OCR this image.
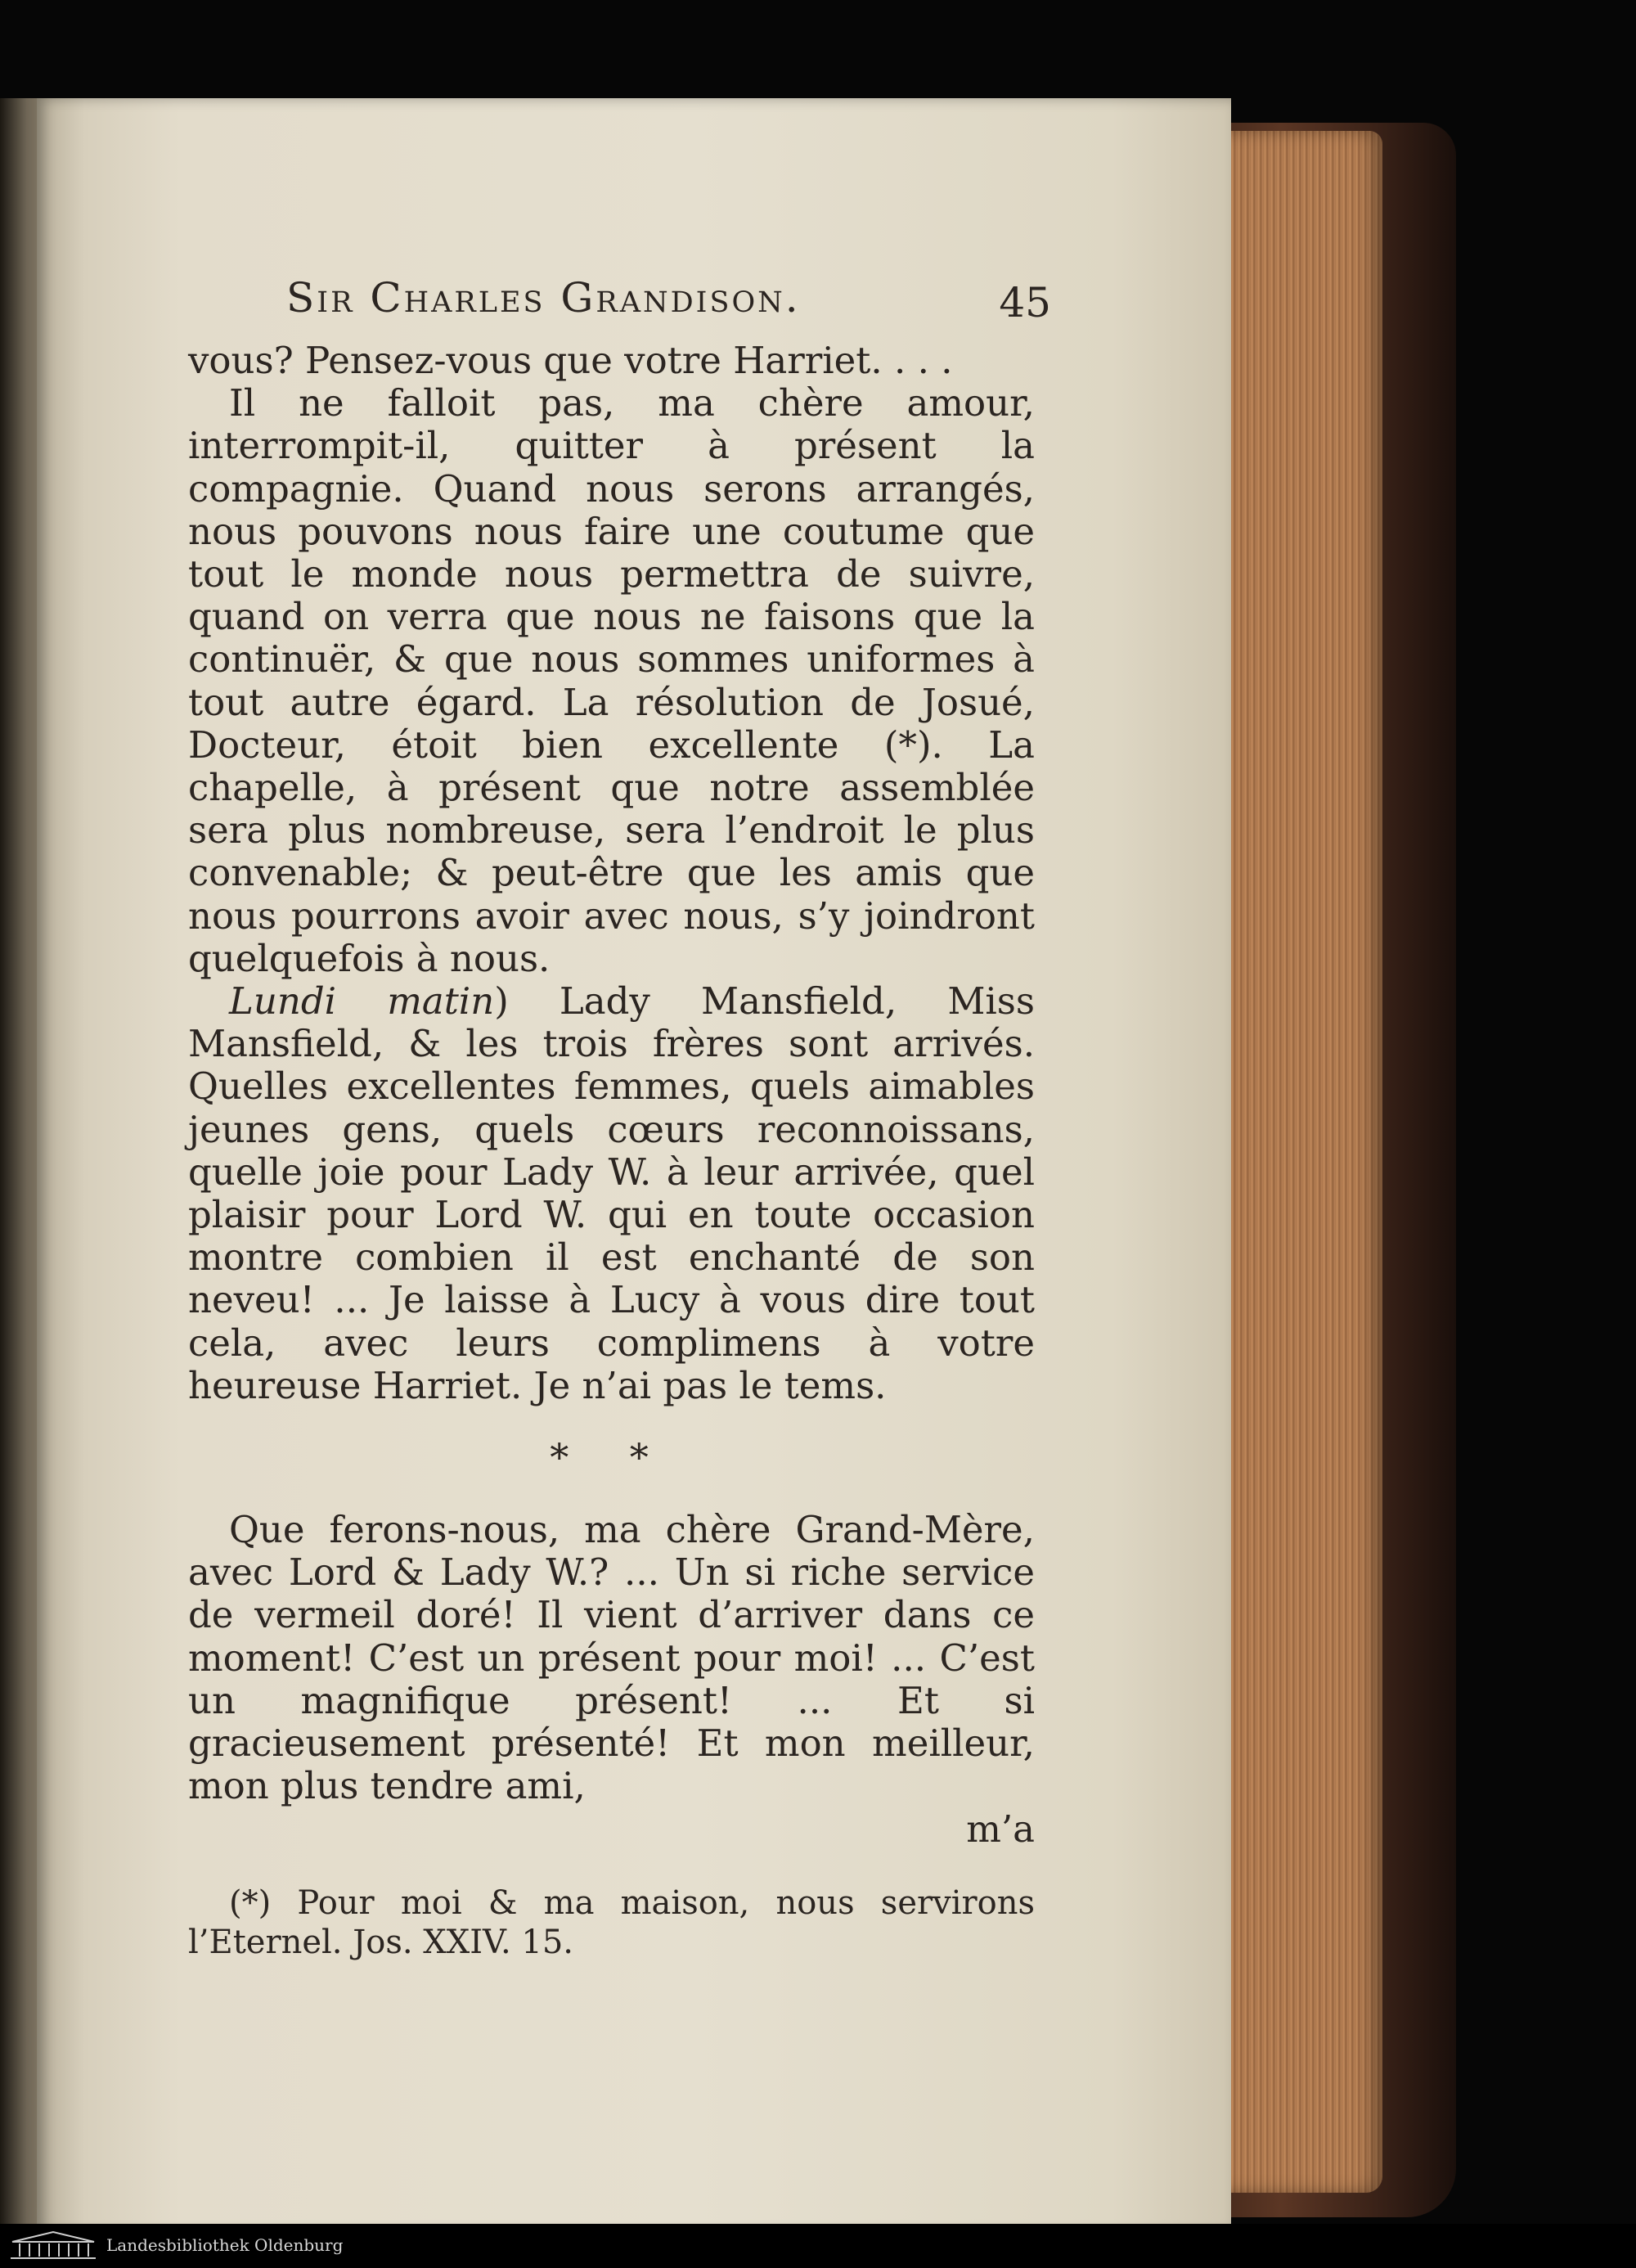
Sir Charles Grandison.	45

vous? Pensez-vous que votre Harriet. . . .

Il ne falloit pas, ma chère amour, interrompit-il, quitter à présent la compagnie. Quand nous serons arrangés, nous pouvons nous faire une coutume que tout le monde nous permettra de suivre, quand on verra que nous ne faisons que la continuër, & que nous sommes uniformes à tout autre égard. La résolution de Josué, Docteur, étoit bien excellente (*). La chapelle, à présent que notre assemblée sera plus nombreuse, sera l’endroit le plus convenable; & peut-être que les amis que nous pourrons avoir avec nous, s’y joindront quelquefois à nous.

Lundi matin) Lady Mansfield, Miss Mansfield, & les trois frères sont arrivés. Quelles excellentes femmes, quels aimables jeunes gens, quels cœurs reconnoissans, quelle joie pour Lady W. à leur arrivée, quel plaisir pour Lord W. qui en toute occasion montre combien il est enchanté de son neveu! ... Je laisse à Lucy à vous dire tout cela, avec leurs complimens à votre heureuse Harriet. Je n’ai pas le tems.

* *

Que ferons-nous, ma chère Grand-Mère, avec Lord & Lady W.? ... Un si riche service de vermeil doré! Il vient d’arriver dans ce moment! C’est un présent pour moi! ... C’est un magnifique présent! ... Et si gracieusement présenté! Et mon meilleur, mon plus tendre ami,

m’a
(*) Pour moi & ma maison, nous servirons l’Eternel. Jos. XXIV. 15.
Landesbibliothek Oldenburg
